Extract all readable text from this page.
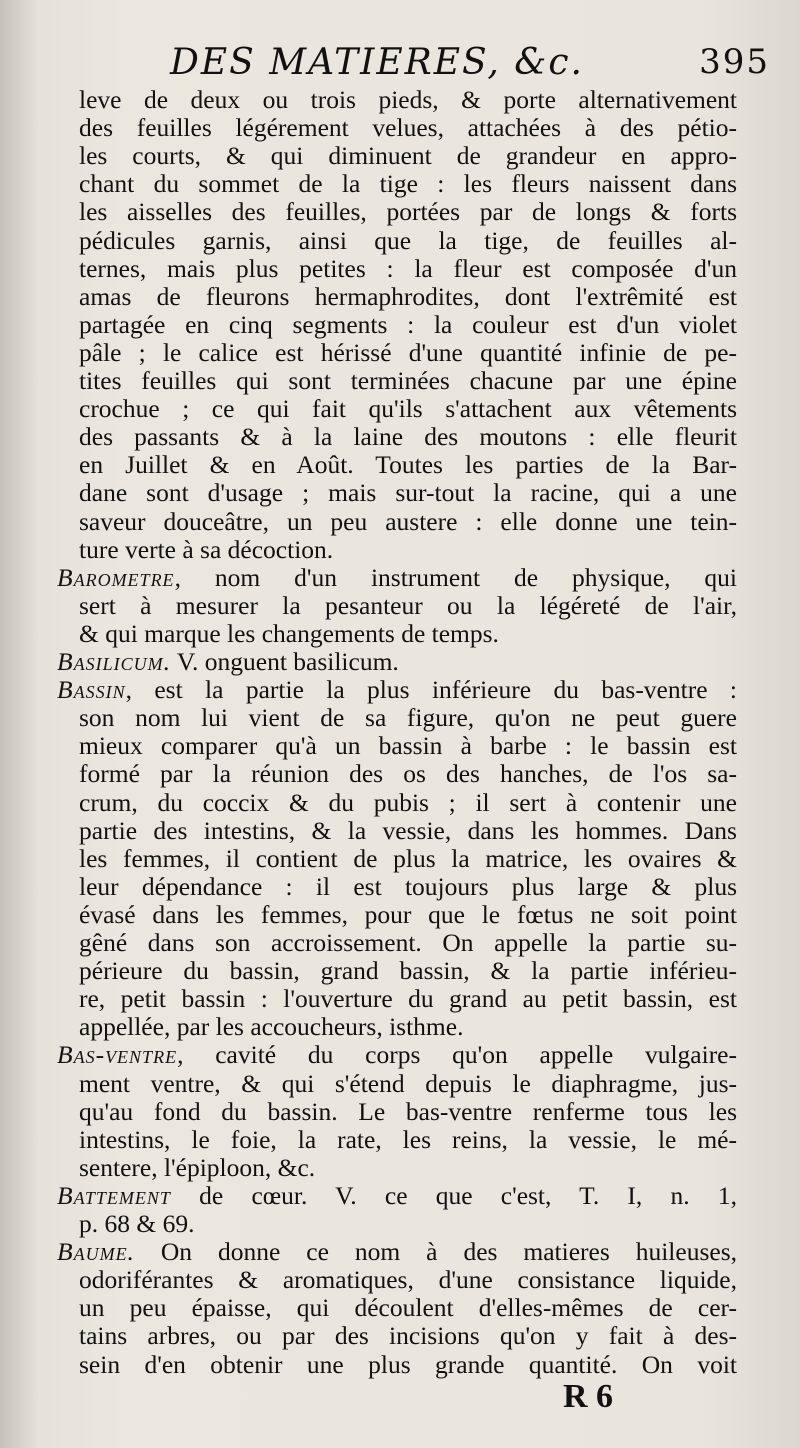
DES MATIERES, &c.	395
leve de deux ou trois pieds, & porte alternativement
des feuilles légérement velues, attachées à des pétio-
les courts, & qui diminuent de grandeur en appro-
chant du sommet de la tige : les fleurs naissent dans
les aisselles des feuilles, portées par de longs & forts
pédicules garnis, ainsi que la tige, de feuilles al-
ternes, mais plus petites : la fleur est composée d'un
amas de fleurons hermaphrodites, dont l'extrêmité est
partagée en cinq segments : la couleur est d'un violet
pâle ; le calice est hérissé d'une quantité infinie de pe-
tites feuilles qui sont terminées chacune par une épine
crochue ; ce qui fait qu'ils s'attachent aux vêtements
des passants & à la laine des moutons : elle fleurit
en Juillet & en Août. Toutes les parties de la Bar-
dane sont d'usage ; mais sur-tout la racine, qui a une
saveur douceâtre, un peu austere : elle donne une tein-
ture verte à sa décoction.
Barometre, nom d'un instrument de physique, qui
sert à mesurer la pesanteur ou la légéreté de l'air,
& qui marque les changements de temps.
Basilicum. V. onguent basilicum.
Bassin, est la partie la plus inférieure du bas-ventre :
son nom lui vient de sa figure, qu'on ne peut guere
mieux comparer qu'à un bassin à barbe : le bassin est
formé par la réunion des os des hanches, de l'os sa-
crum, du coccix & du pubis ; il sert à contenir une
partie des intestins, & la vessie, dans les hommes. Dans
les femmes, il contient de plus la matrice, les ovaires &
leur dépendance : il est toujours plus large & plus
évasé dans les femmes, pour que le fœtus ne soit point
gêné dans son accroissement. On appelle la partie su-
périeure du bassin, grand bassin, & la partie inférieu-
re, petit bassin : l'ouverture du grand au petit bassin, est
appellée, par les accoucheurs, isthme.
Bas-ventre, cavité du corps qu'on appelle vulgaire-
ment ventre, & qui s'étend depuis le diaphragme, jus-
qu'au fond du bassin. Le bas-ventre renferme tous les
intestins, le foie, la rate, les reins, la vessie, le mé-
sentere, l'épiploon, &c.
Battement de cœur. V. ce que c'est, T. I, n. 1,
p. 68 & 69.
Baume. On donne ce nom à des matieres huileuses,
odoriférantes & aromatiques, d'une consistance liquide,
un peu épaisse, qui découlent d'elles-mêmes de cer-
tains arbres, ou par des incisions qu'on y fait à des-
sein d'en obtenir une plus grande quantité. On voit
R 6
